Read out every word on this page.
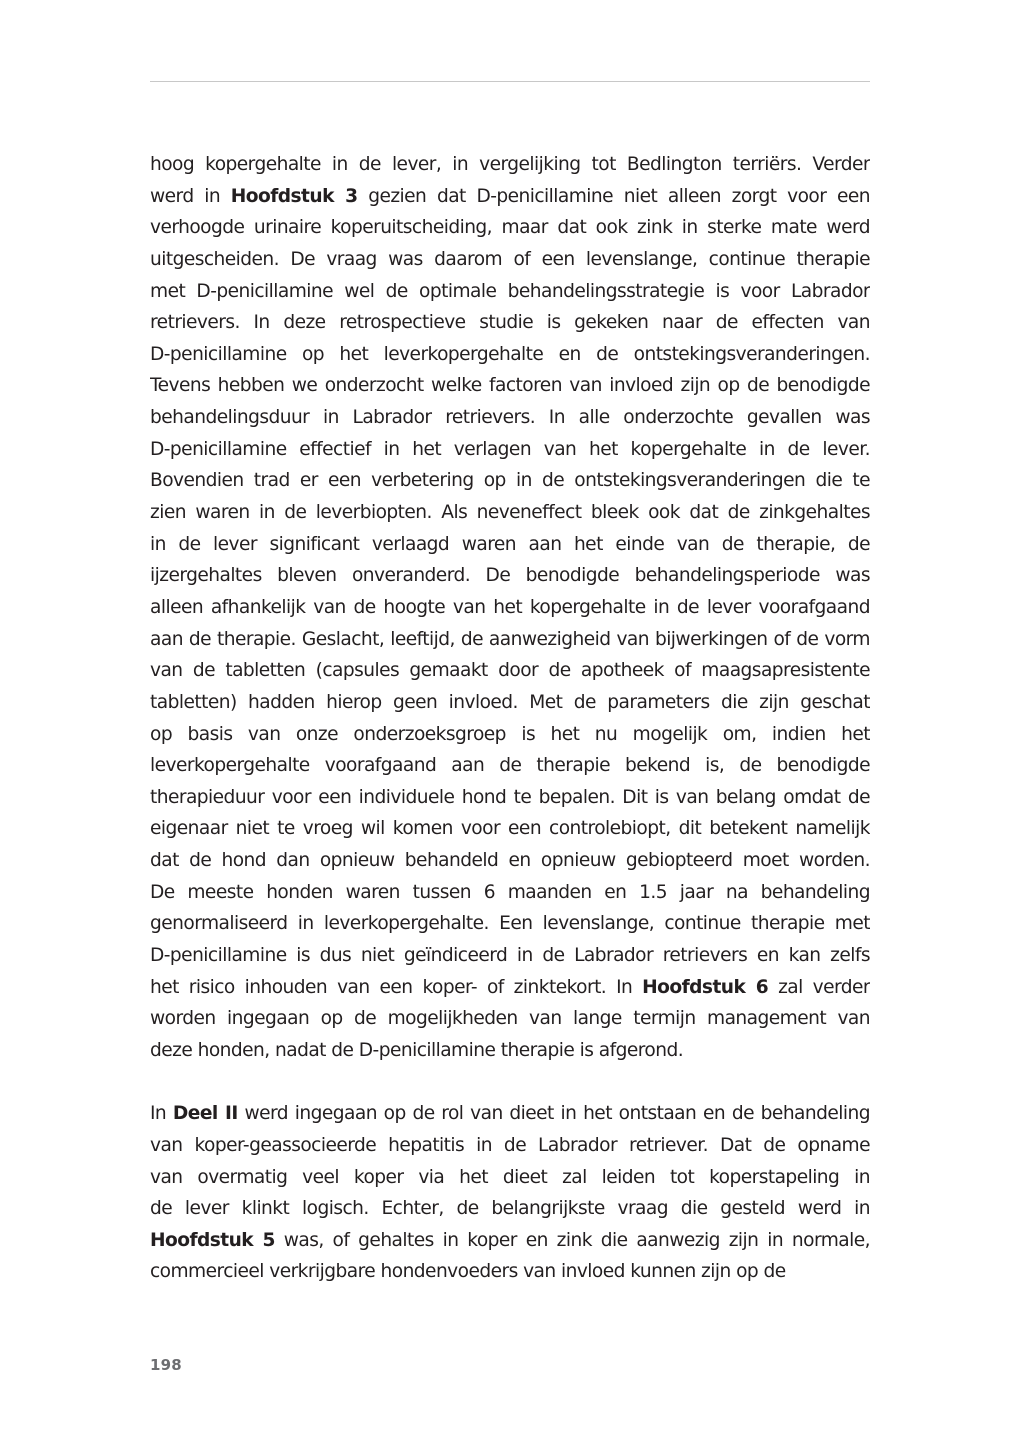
hoog kopergehalte in de lever, in vergelijking tot Bedlington terriërs. Verder
werd in Hoofdstuk 3 gezien dat D-penicillamine niet alleen zorgt voor een
verhoogde urinaire koperuitscheiding, maar dat ook zink in sterke mate werd
uitgescheiden. De vraag was daarom of een levenslange, continue therapie
met D-penicillamine wel de optimale behandelingsstrategie is voor Labrador
retrievers. In deze retrospectieve studie is gekeken naar de effecten van
D-penicillamine op het leverkopergehalte en de ontstekingsveranderingen.
Tevens hebben we onderzocht welke factoren van invloed zijn op de benodigde
behandelingsduur in Labrador retrievers. In alle onderzochte gevallen was
D-penicillamine effectief in het verlagen van het kopergehalte in de lever.
Bovendien trad er een verbetering op in de ontstekingsveranderingen die te
zien waren in de leverbiopten. Als neveneffect bleek ook dat de zinkgehaltes
in de lever significant verlaagd waren aan het einde van de therapie, de
ijzergehaltes bleven onveranderd. De benodigde behandelingsperiode was
alleen afhankelijk van de hoogte van het kopergehalte in de lever voorafgaand
aan de therapie. Geslacht, leeftijd, de aanwezigheid van bijwerkingen of de vorm
van de tabletten (capsules gemaakt door de apotheek of maagsapresistente
tabletten) hadden hierop geen invloed. Met de parameters die zijn geschat
op basis van onze onderzoeksgroep is het nu mogelijk om, indien het
leverkopergehalte voorafgaand aan de therapie bekend is, de benodigde
therapieduur voor een individuele hond te bepalen. Dit is van belang omdat de
eigenaar niet te vroeg wil komen voor een controlebiopt, dit betekent namelijk
dat de hond dan opnieuw behandeld en opnieuw gebiopteerd moet worden.
De meeste honden waren tussen 6 maanden en 1.5 jaar na behandeling
genormaliseerd in leverkopergehalte. Een levenslange, continue therapie met
D-penicillamine is dus niet geïndiceerd in de Labrador retrievers en kan zelfs
het risico inhouden van een koper- of zinktekort. In Hoofdstuk 6 zal verder
worden ingegaan op de mogelijkheden van lange termijn management van
deze honden, nadat de D-penicillamine therapie is afgerond.
In Deel II werd ingegaan op de rol van dieet in het ontstaan en de behandeling
van koper-geassocieerde hepatitis in de Labrador retriever. Dat de opname
van overmatig veel koper via het dieet zal leiden tot koperstapeling in
de lever klinkt logisch. Echter, de belangrijkste vraag die gesteld werd in
Hoofdstuk 5 was, of gehaltes in koper en zink die aanwezig zijn in normale,
commercieel verkrijgbare hondenvoeders van invloed kunnen zijn op de
198
